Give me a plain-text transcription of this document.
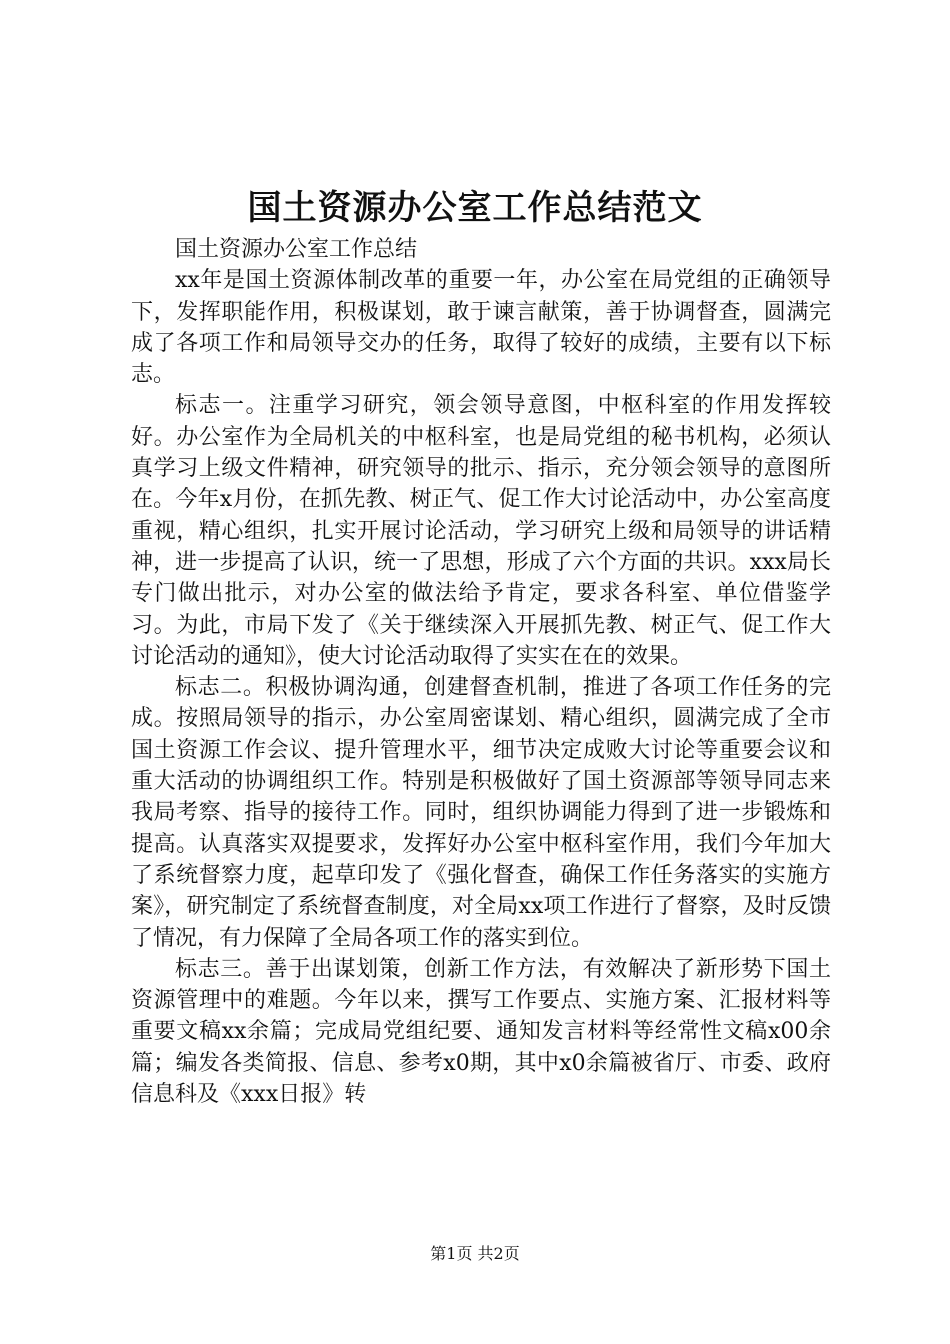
国土资源办公室工作总结范文

国土资源办公室工作总结

xx年是国土资源体制改革的重要一年，办公室在局党组的正确领导下，发挥职能作用，积极谋划，敢于谏言献策，善于协调督查，圆满完成了各项工作和局领导交办的任务，取得了较好的成绩，主要有以下标志。

标志一。注重学习研究，领会领导意图，中枢科室的作用发挥较好。办公室作为全局机关的中枢科室，也是局党组的秘书机构，必须认真学习上级文件精神，研究领导的批示、指示，充分领会领导的意图所在。今年x月份，在抓先教、树正气、促工作大讨论活动中，办公室高度重视，精心组织，扎实开展讨论活动，学习研究上级和局领导的讲话精神，进一步提高了认识，统一了思想，形成了六个方面的共识。xxx局长专门做出批示，对办公室的做法给予肯定，要求各科室、单位借鉴学习。为此，市局下发了《关于继续深入开展抓先教、树正气、促工作大讨论活动的通知》，使大讨论活动取得了实实在在的效果。

标志二。积极协调沟通，创建督查机制，推进了各项工作任务的完成。按照局领导的指示，办公室周密谋划、精心组织，圆满完成了全市国土资源工作会议、提升管理水平，细节决定成败大讨论等重要会议和重大活动的协调组织工作。特别是积极做好了国土资源部等领导同志来我局考察、指导的接待工作。同时，组织协调能力得到了进一步锻炼和提高。认真落实双提要求，发挥好办公室中枢科室作用，我们今年加大了系统督察力度，起草印发了《强化督查，确保工作任务落实的实施方案》，研究制定了系统督查制度，对全局xx项工作进行了督察，及时反馈了情况，有力保障了全局各项工作的落实到位。

标志三。善于出谋划策，创新工作方法，有效解决了新形势下国土资源管理中的难题。今年以来，撰写工作要点、实施方案、汇报材料等重要文稿xx余篇；完成局党组纪要、通知发言材料等经常性文稿x00余篇；编发各类简报、信息、参考x0期，其中x0余篇被省厅、市委、政府信息科及《xxx日报》转

第1页 共2页
